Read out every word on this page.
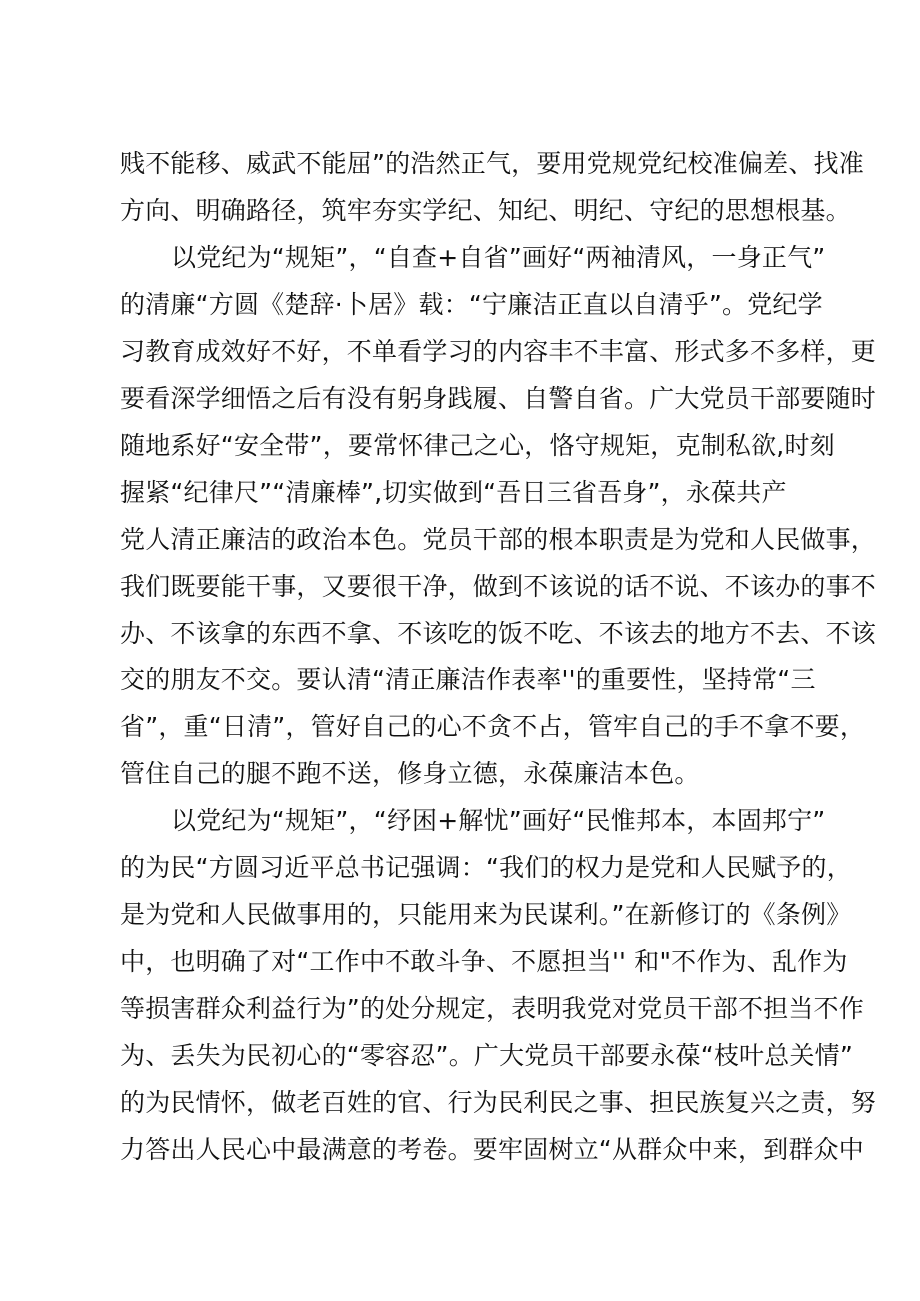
贱不能移、威武不能屈”的浩然正气，要用党规党纪校准偏差、找准
方向、明确路径，筑牢夯实学纪、知纪、明纪、守纪的思想根基。
以党纪为“规矩”，“自查+自省”画好“两袖清风，一身正气”
的清廉“方圆《楚辞·卜居》载：“宁廉洁正直以自清乎”。党纪学
习教育成效好不好，不单看学习的内容丰不丰富、形式多不多样，更
要看深学细悟之后有没有躬身践履、自警自省。广大党员干部要随时
随地系好“安全带”，要常怀律己之心，恪守规矩，克制私欲,时刻
握紧“纪律尺”“清廉棒”,切实做到“吾日三省吾身”，永葆共产
党人清正廉洁的政治本色。党员干部的根本职责是为党和人民做事，
我们既要能干事，又要很干净，做到不该说的话不说、不该办的事不
办、不该拿的东西不拿、不该吃的饭不吃、不该去的地方不去、不该
交的朋友不交。要认清“清正廉洁作表率''的重要性，坚持常“三
省”，重“日清”，管好自己的心不贪不占，管牢自己的手不拿不要，
管住自己的腿不跑不送，修身立德，永葆廉洁本色。
以党纪为“规矩”，“纾困+解忧”画好“民惟邦本，本固邦宁”
的为民“方圆习近平总书记强调：“我们的权力是党和人民赋予的，
是为党和人民做事用的，只能用来为民谋利。”在新修订的《条例》
中，也明确了对“工作中不敢斗争、不愿担当'' 和"不作为、乱作为
等损害群众利益行为”的处分规定，表明我党对党员干部不担当不作
为、丢失为民初心的“零容忍”。广大党员干部要永葆“枝叶总关情”
的为民情怀，做老百姓的官、行为民利民之事、担民族复兴之责，努
力答出人民心中最满意的考卷。要牢固树立“从群众中来，到群众中
